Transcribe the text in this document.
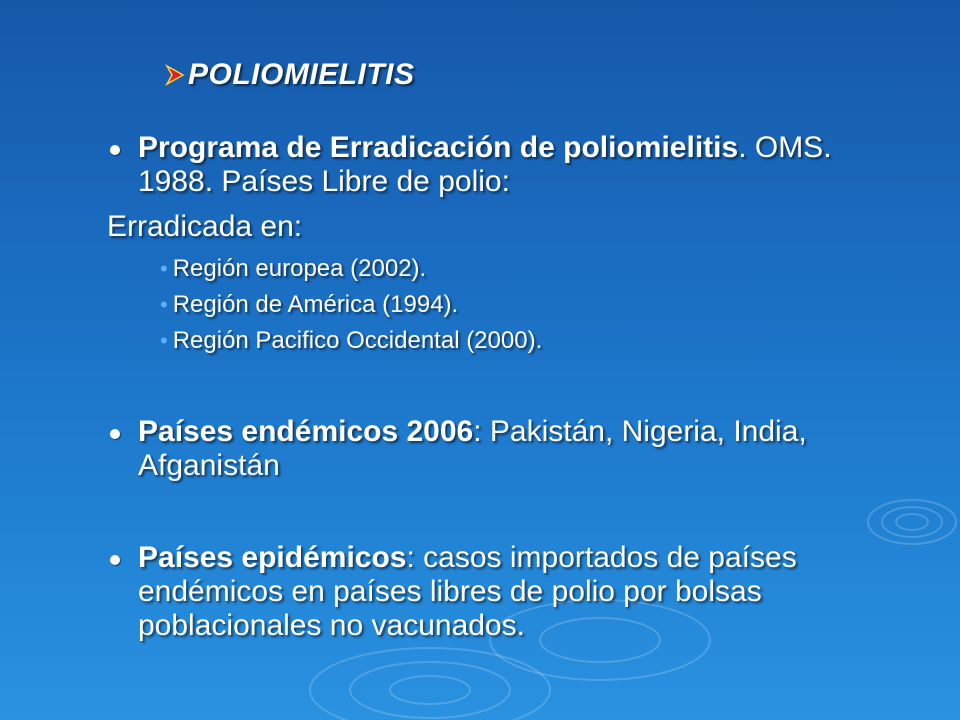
POLIOMIELITIS
Programa de Erradicación de poliomielitis. OMS. 1988. Países Libre de polio:
Erradicada en:
• Región europea (2002).
• Región de América (1994).
• Región Pacifico Occidental (2000).
Países endémicos 2006: Pakistán, Nigeria, India, Afganistán
Países epidémicos: casos importados de países endémicos en países libres de polio por bolsas poblacionales no vacunados.
